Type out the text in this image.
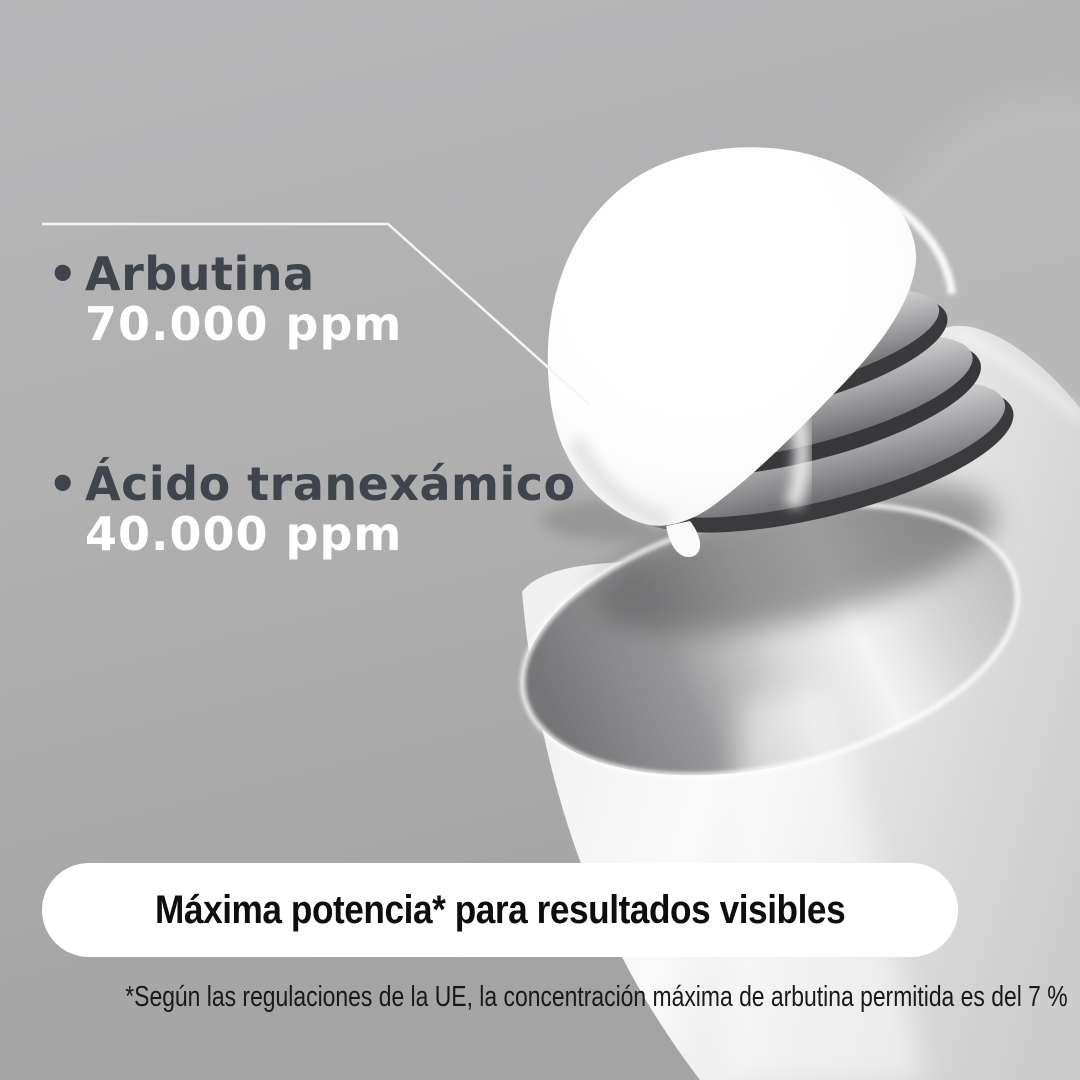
• Arbutina
70.000 ppm
• Ácido tranexámico
40.000 ppm
Máxima potencia* para resultados visibles
*Según las regulaciones de la UE, la concentración máxima de arbutina permitida es del 7 %
